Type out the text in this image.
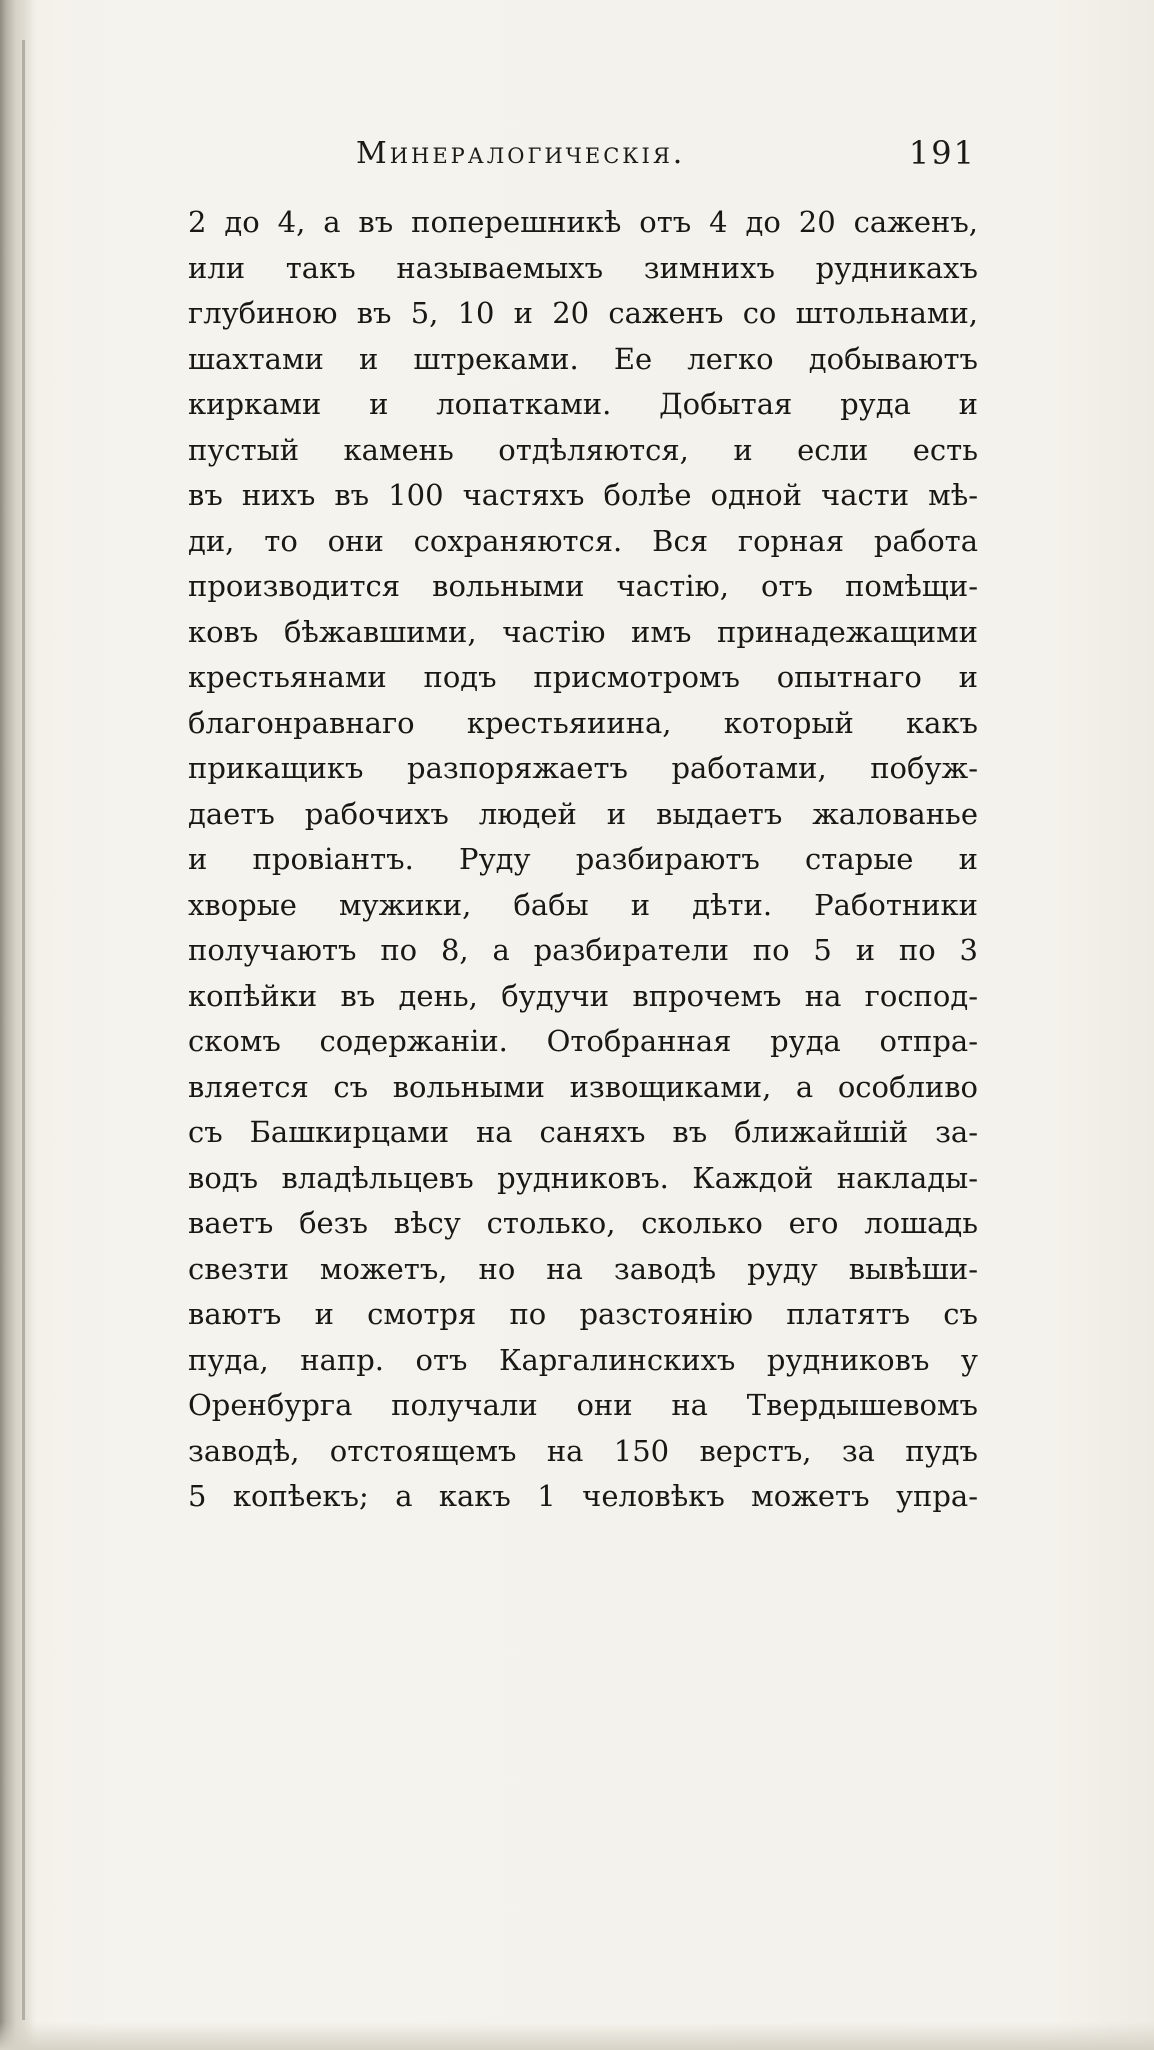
Минералогическія.	191
2 до 4, а въ поперешникѣ отъ 4 до 20 саженъ,
или такъ называемыхъ зимнихъ рудникахъ
глубиною въ 5, 10 и 20 саженъ со штольнами,
шахтами и штреками. Ее легко добываютъ
кирками и лопатками. Добытая руда и
пустый камень отдѣляются, и если есть
въ нихъ въ 100 частяхъ болѣе одной части мѣ-
ди, то они сохраняются. Вся горная работа
производится вольными частію, отъ помѣщи-
ковъ бѣжавшими, частію имъ принадежащими
крестьянами подъ присмотромъ опытнаго и
благонравнаго крестьяиина, который какъ
прикащикъ разпоряжаетъ работами, побуж-
даетъ рабочихъ людей и выдаетъ жалованье
и провіантъ. Руду разбираютъ старые и
хворые мужики, бабы и дѣти. Работники
получаютъ по 8, а разбиратели по 5 и по 3
копѣйки въ день, будучи впрочемъ на господ-
скомъ содержаніи. Отобранная руда отпра-
вляется съ вольными извощиками, а особливо
съ Башкирцами на саняхъ въ ближайшій за-
водъ владѣльцевъ рудниковъ. Каждой наклады-
ваетъ безъ вѣсу столько, сколько его лошадь
свезти можетъ, но на заводѣ руду вывѣши-
ваютъ и смотря по разстоянію платятъ съ
пуда, напр. отъ Каргалинскихъ рудниковъ у
Оренбурга получали они на Твердышевомъ
заводѣ, отстоящемъ на 150 верстъ, за пудъ
5 копѣекъ; а какъ 1 человѣкъ можетъ упра-
